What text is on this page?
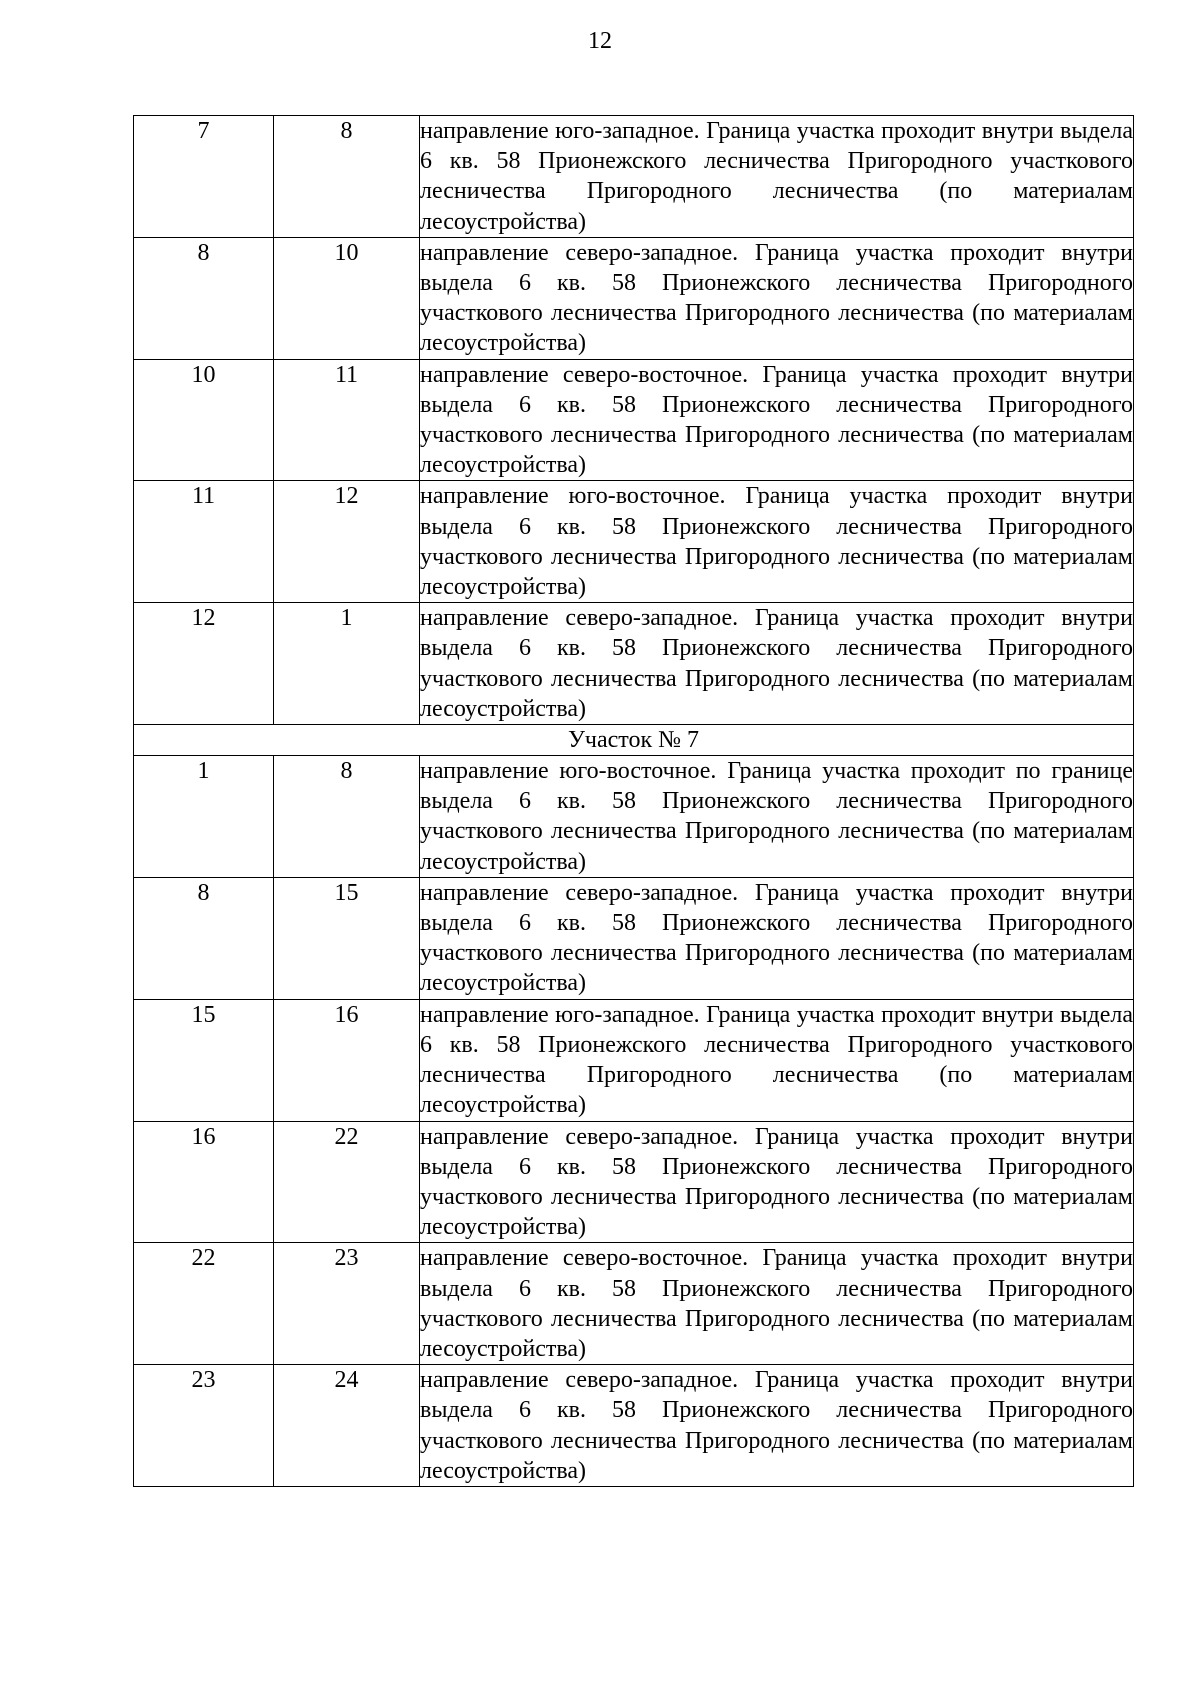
12
7	8	направление юго-западное. Граница участка проходит внутри выдела 6 кв. 58 Прионежского лесничества Пригородного участкового лесничества Пригородного лесничества (по материалам лесоустройства)
8	10	направление северо-западное. Граница участка проходит внутри выдела 6 кв. 58 Прионежского лесничества Пригородного участкового лесничества Пригородного лесничества (по материалам лесоустройства)
10	11	направление северо-восточное. Граница участка проходит внутри выдела 6 кв. 58 Прионежского лесничества Пригородного участкового лесничества Пригородного лесничества (по материалам лесоустройства)
11	12	направление юго-восточное. Граница участка проходит внутри выдела 6 кв. 58 Прионежского лесничества Пригородного участкового лесничества Пригородного лесничества (по материалам лесоустройства)
12	1	направление северо-западное. Граница участка проходит внутри выдела 6 кв. 58 Прионежского лесничества Пригородного участкового лесничества Пригородного лесничества (по материалам лесоустройства)
Участок № 7		
1	8	направление юго-восточное. Граница участка проходит по границе выдела 6 кв. 58 Прионежского лесничества Пригородного участкового лесничества Пригородного лесничества (по материалам лесоустройства)
8	15	направление северо-западное. Граница участка проходит внутри выдела 6 кв. 58 Прионежского лесничества Пригородного участкового лесничества Пригородного лесничества (по материалам лесоустройства)
15	16	направление юго-западное. Граница участка проходит внутри выдела 6 кв. 58 Прионежского лесничества Пригородного участкового лесничества Пригородного лесничества (по материалам лесоустройства)
16	22	направление северо-западное. Граница участка проходит внутри выдела 6 кв. 58 Прионежского лесничества Пригородного участкового лесничества Пригородного лесничества (по материалам лесоустройства)
22	23	направление северо-восточное. Граница участка проходит внутри выдела 6 кв. 58 Прионежского лесничества Пригородного участкового лесничества Пригородного лесничества (по материалам лесоустройства)
23	24	направление северо-западное. Граница участка проходит внутри выдела 6 кв. 58 Прионежского лесничества Пригородного участкового лесничества Пригородного лесничества (по материалам лесоустройства)
